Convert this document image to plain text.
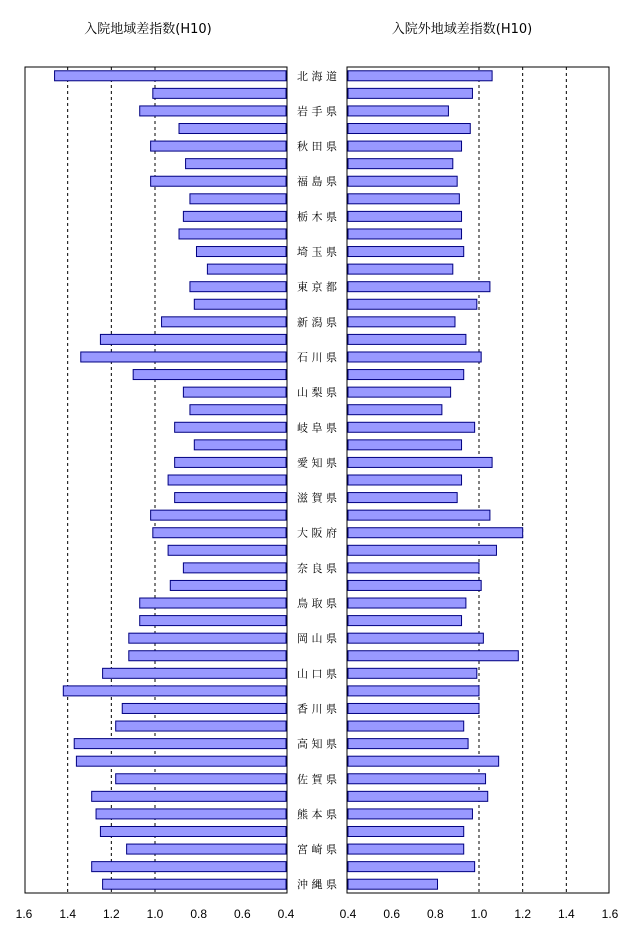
入院地域差指数(H10)	入院外地域差指数(H10)
北 海 道
岩 手 県
秋 田 県
福 島 県
栃 木 県
埼 玉 県
東 京 都
新 潟 県
石 川 県
山 梨 県
岐 阜 県
愛 知 県
滋 賀 県
大 阪 府
奈 良 県
鳥 取 県
岡 山 県
山 口 県
香 川 県
高 知 県
佐 賀 県
熊 本 県
宮 崎 県
沖 縄 県
1.6 1.4 1.2 1.0 0.8 0.6 0.4	0.4 0.6 0.8 1.0 1.2 1.4 1.6
